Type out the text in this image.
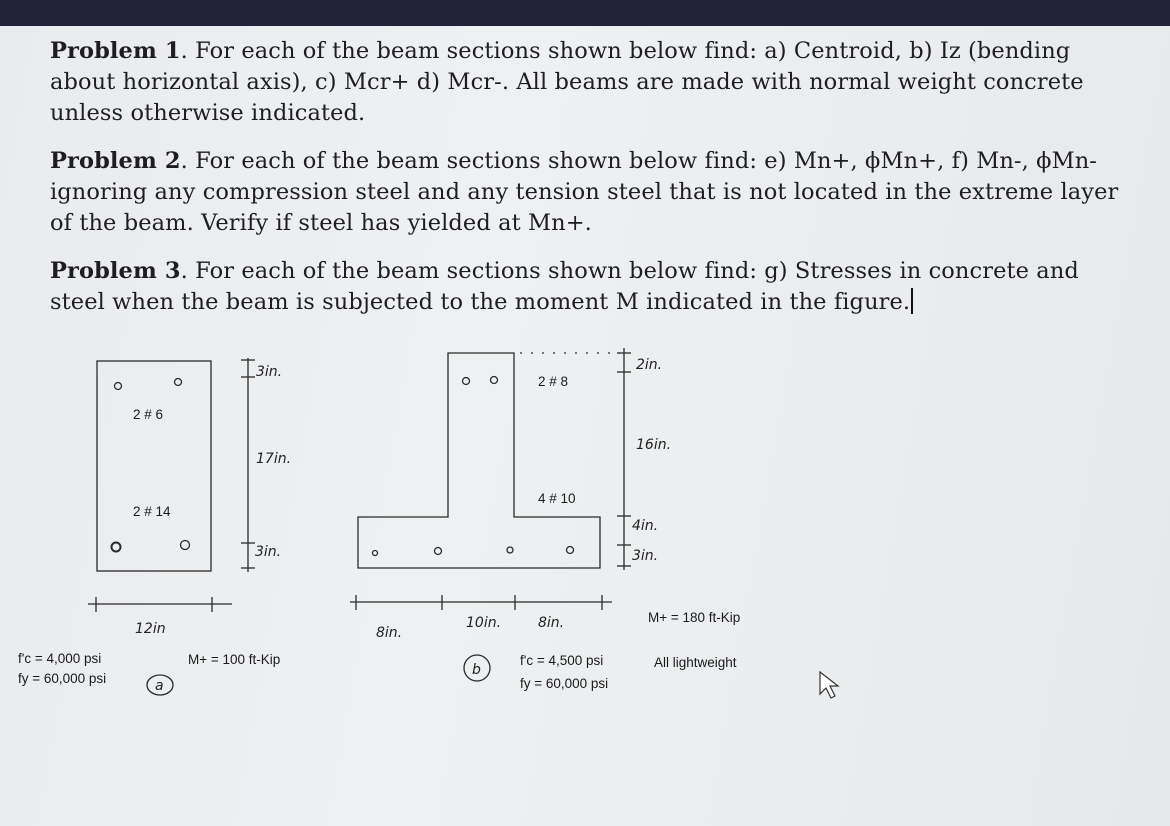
Problem 1. For each of the beam sections shown below find: a) Centroid, b) Iz (bending about horizontal axis), c) Mcr+ d) Mcr-. All beams are made with normal weight concrete unless otherwise indicated.
Problem 2. For each of the beam sections shown below find: e) Mn+, ϕMn+, f) Mn-, ϕMn- ignoring any compression steel and any tension steel that is not located in the extreme layer of the beam. Verify if steel has yielded at Mn+.
Problem 3. For each of the beam sections shown below find: g) Stresses in concrete and steel when the beam is subjected to the moment M indicated in the figure.
2 # 6
2 # 14
3in.
17in.
3in.
12in
f'c = 4,000 psi
fy = 60,000 psi
M+ = 100 ft-Kip
a
2 # 8
4 # 10
2in.
16in.
4in.
3in.
8in.
10in.	8in.
f'c = 4,500 psi
fy = 60,000 psi
M+ = 180 ft-Kip
All lightweight
b
